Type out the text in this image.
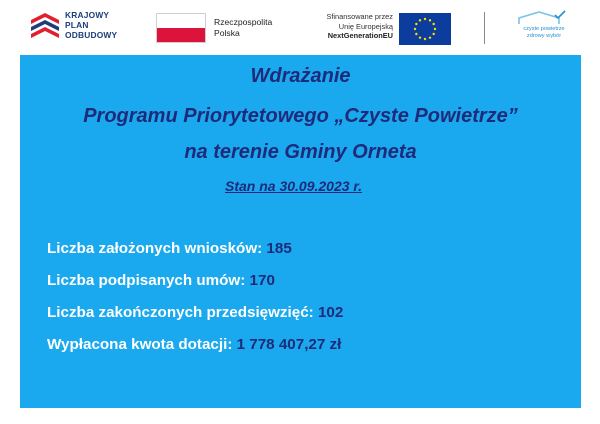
KRAJOWY
PLAN
ODBUDOWY
Rzeczpospolita
Polska
Sfinansowane przez
Unię Europejską
NextGenerationEU
czyste powietrze
zdrowy wybór
Wdrażanie
Programu Priorytetowego „Czyste Powietrze”
na terenie Gminy Orneta
Stan na 30.09.2023 r.
Liczba założonych wniosków: 185
Liczba podpisanych umów: 170
Liczba zakończonych przedsięwzięć: 102
Wypłacona kwota dotacji: 1 778 407,27 zł
